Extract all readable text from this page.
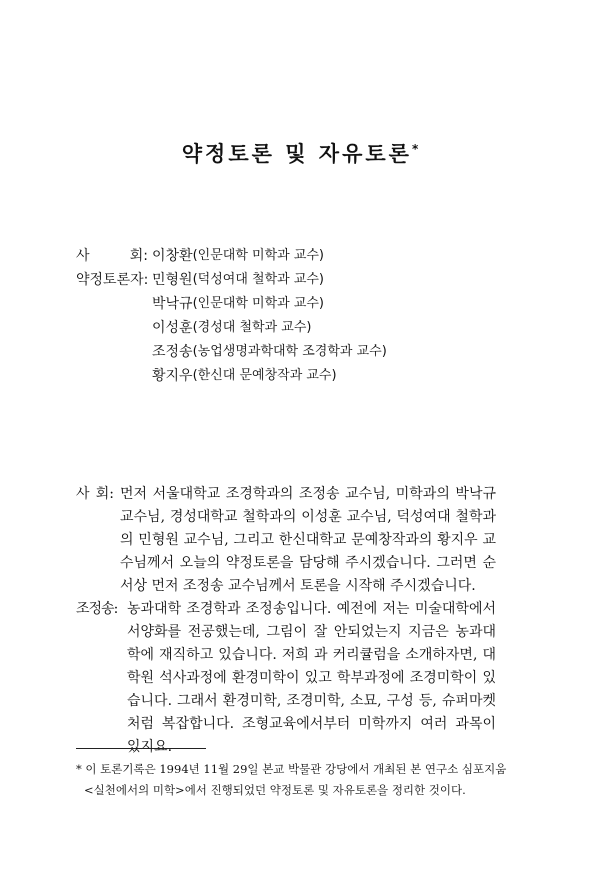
약정토론 및 자유토론*
사	회: 이창환 (인문대학 미학과 교수)
약정토론자: 민형원 (덕성여대 철학과 교수)
박낙규 (인문대학 미학과 교수)
이성훈 (경성대 철학과 교수)
조정송 (농업생명과학대학 조경학과 교수)
황지우 (한신대 문예창작과 교수)
사 회: 먼저 서울대학교 조경학과의 조정송 교수님, 미학과의 박낙규 교수님, 경성대학교 철학과의 이성훈 교수님, 덕성여대 철학과의 민형원 교수님, 그리고 한신대학교 문예창작과의 황지우 교수님께서 오늘의 약정토론을 담당해 주시겠습니다. 그러면 순서상 먼저 조정송 교수님께서 토론을 시작해 주시겠습니다.
조정송: 농과대학 조경학과 조정송입니다. 예전에 저는 미술대학에서 서양화를 전공했는데, 그림이 잘 안되었는지 지금은 농과대학에 재직하고 있습니다. 저희 과 커리큘럼을 소개하자면, 대학원 석사과정에 환경미학이 있고 학부과정에 조경미학이 있습니다. 그래서 환경미학, 조경미학, 소묘, 구성 등, 슈퍼마켓처럼 복잡합니다. 조형교육에서부터 미학까지 여러 과목이 있지요.
* 이 토론기록은 1994년 11월 29일 본교 박물관 강당에서 개최된 본 연구소 심포지움 <실천에서의 미학>에서 진행되었던 약정토론 및 자유토론을 정리한 것이다.
